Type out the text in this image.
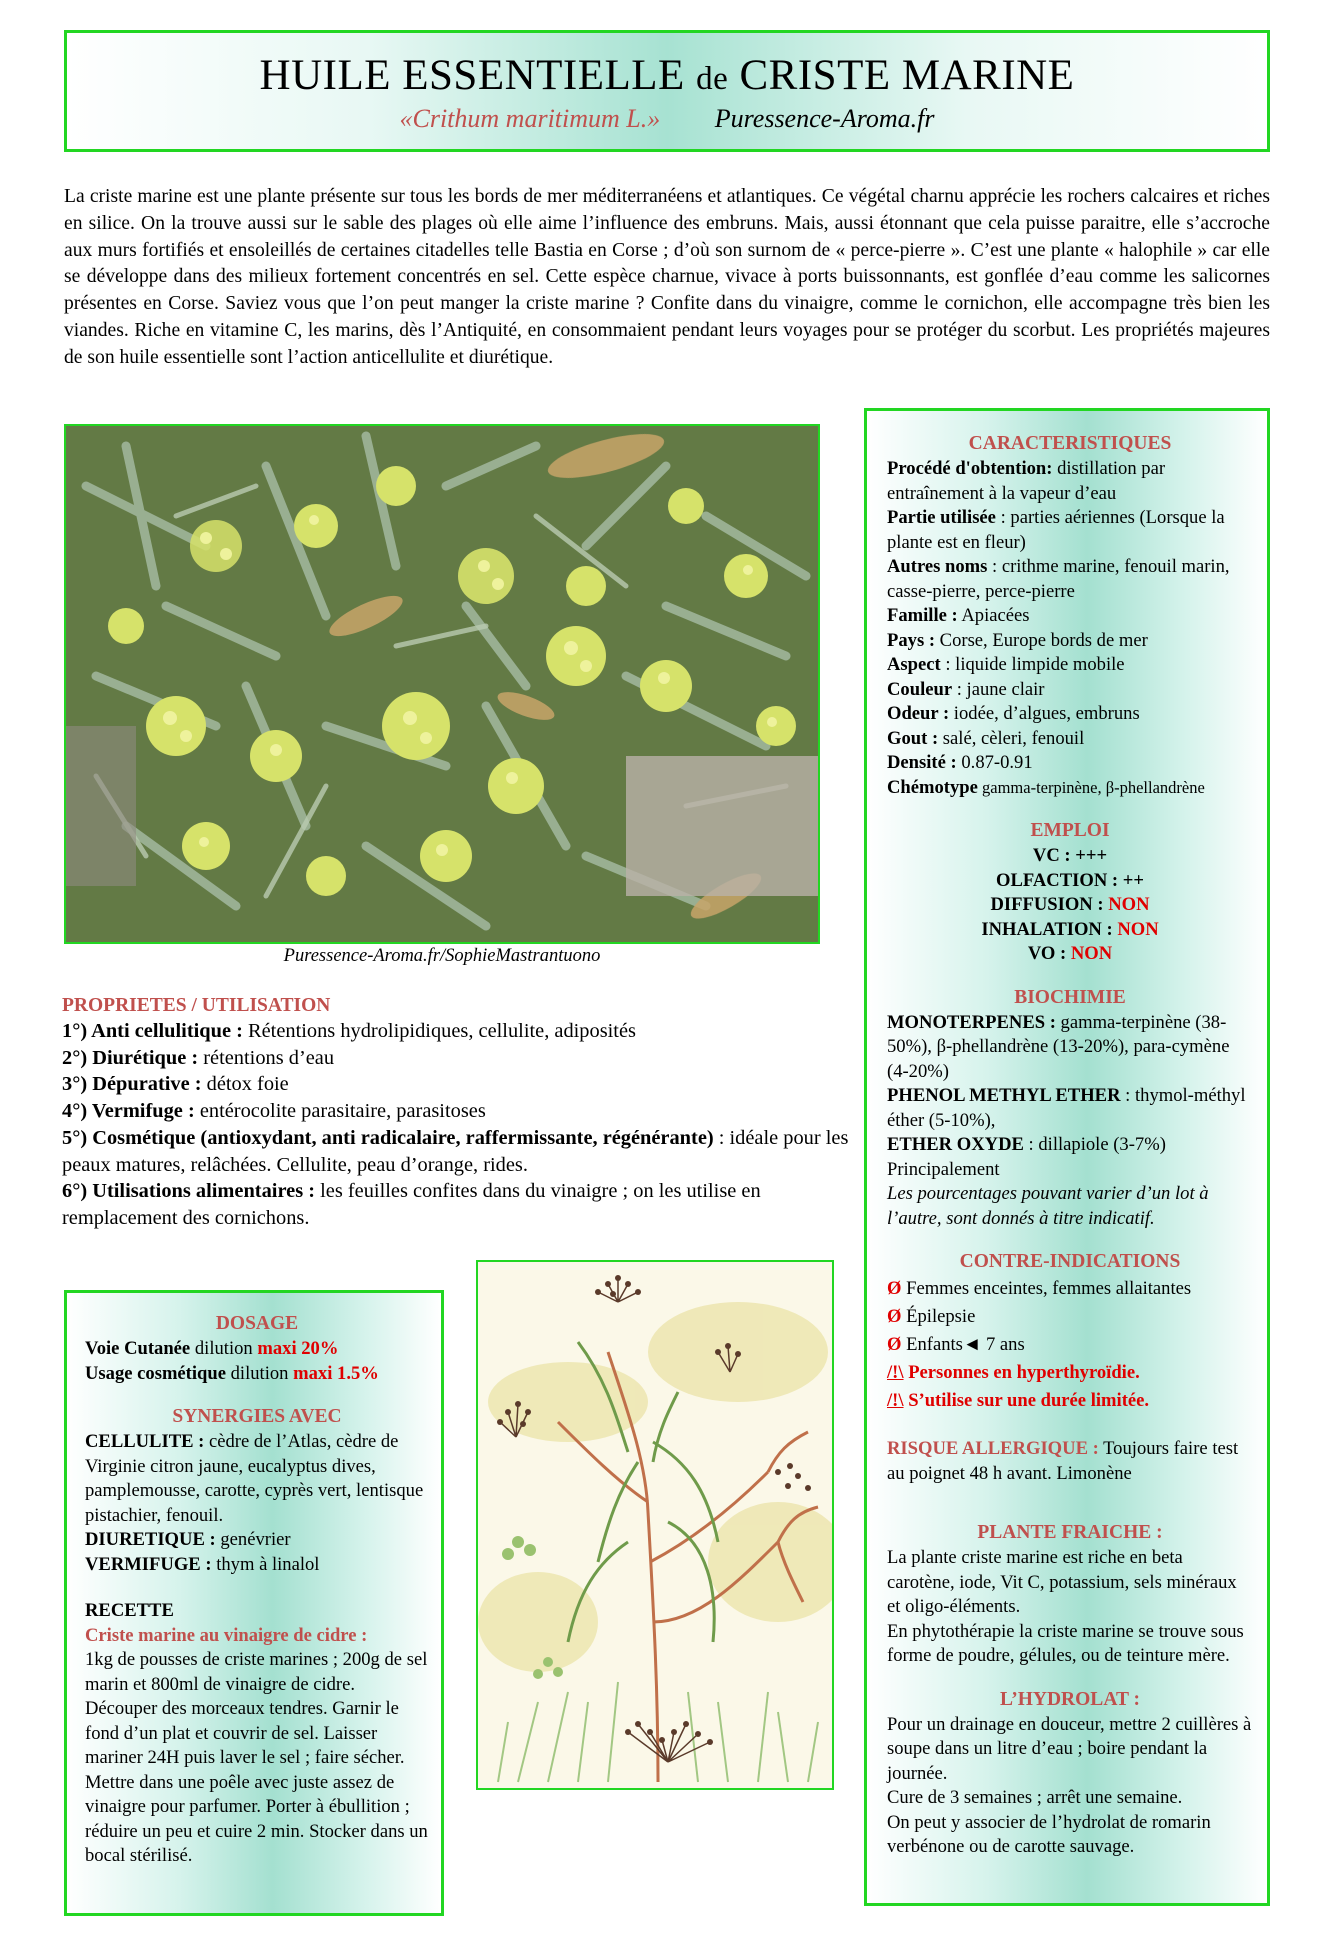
HUILE ESSENTIELLE de CRISTE MARINE
«Crithum maritimum L.» Puressence-Aroma.fr
La criste marine est une plante présente sur tous les bords de mer méditerranéens et atlantiques. Ce végétal charnu apprécie les rochers calcaires et riches en silice. On la trouve aussi sur le sable des plages où elle aime l’influence des embruns. Mais, aussi étonnant que cela puisse paraitre, elle s’accroche aux murs fortifiés et ensoleillés de certaines citadelles telle Bastia en Corse ; d’où son surnom de « perce-pierre ». C’est une plante « halophile » car elle se développe dans des milieux fortement concentrés en sel. Cette espèce charnue, vivace à ports buissonnants, est gonflée d’eau comme les salicornes présentes en Corse. Saviez vous que l’on peut manger la criste marine ? Confite dans du vinaigre, comme le cornichon, elle accompagne très bien les viandes. Riche en vitamine C, les marins, dès l’Antiquité, en consommaient pendant leurs voyages pour se protéger du scorbut. Les propriétés majeures de son huile essentielle sont l’action anticellulite et diurétique.
Puressence-Aroma.fr/SophieMastrantuono
PROPRIETES / UTILISATION
1°) Anti cellulitique : Rétentions hydrolipidiques, cellulite, adiposités
2°) Diurétique : rétentions d’eau
3°) Dépurative : détox foie
4°) Vermifuge : entérocolite parasitaire, parasitoses
5°) Cosmétique (antioxydant, anti radicalaire, raffermissante, régénérante) : idéale pour les peaux matures, relâchées. Cellulite, peau d’orange, rides.
6°) Utilisations alimentaires : les feuilles confites dans du vinaigre ; on les utilise en remplacement des cornichons.
CARACTERISTIQUES
Procédé d'obtention: distillation par entraînement à la vapeur d’eau
Partie utilisée : parties aériennes (Lorsque la plante est en fleur)
Autres noms : crithme marine, fenouil marin, casse-pierre, perce-pierre
Famille : Apiacées
Pays : Corse, Europe bords de mer
Aspect : liquide limpide mobile
Couleur : jaune clair
Odeur : iodée, d’algues, embruns
Gout : salé, cèleri, fenouil
Densité : 0.87-0.91
Chémotype gamma-terpinène, β-phellandrène
EMPLOI
VC : +++
OLFACTION : ++
DIFFUSION : NON
INHALATION : NON
VO : NON
BIOCHIMIE
MONOTERPENES : gamma-terpinène (38-50%), β-phellandrène (13-20%), para-cymène (4-20%)
PHENOL METHYL ETHER : thymol-méthyl éther (5-10%),
ETHER OXYDE : dillapiole (3-7%) Principalement
Les pourcentages pouvant varier d’un lot à l’autre, sont donnés à titre indicatif.
CONTRE-INDICATIONS
Ø Femmes enceintes, femmes allaitantes
Ø Épilepsie
Ø Enfants◄ 7 ans
/!\ Personnes en hyperthyroïdie.
/!\ S’utilise sur une durée limitée.
RISQUE ALLERGIQUE : Toujours faire test au poignet 48 h avant. Limonène
PLANTE FRAICHE :
La plante criste marine est riche en beta carotène, iode, Vit C, potassium, sels minéraux et oligo-éléments.
En phytothérapie la criste marine se trouve sous forme de poudre, gélules, ou de teinture mère.
L’HYDROLAT :
Pour un drainage en douceur, mettre 2 cuillères à soupe dans un litre d’eau ; boire pendant la journée.
Cure de 3 semaines ; arrêt une semaine.
On peut y associer de l’hydrolat de romarin verbénone ou de carotte sauvage.
DOSAGE
Voie Cutanée dilution maxi 20%
Usage cosmétique dilution maxi 1.5%
SYNERGIES AVEC
CELLULITE : cèdre de l’Atlas, cèdre de Virginie citron jaune, eucalyptus dives, pamplemousse, carotte, cyprès vert, lentisque pistachier, fenouil.
DIURETIQUE : genévrier
VERMIFUGE : thym à linalol
RECETTE
Criste marine au vinaigre de cidre :
1kg de pousses de criste marines ; 200g de sel marin et 800ml de vinaigre de cidre. Découper des morceaux tendres. Garnir le fond d’un plat et couvrir de sel. Laisser mariner 24H puis laver le sel ; faire sécher. Mettre dans une poêle avec juste assez de vinaigre pour parfumer. Porter à ébullition ; réduire un peu et cuire 2 min. Stocker dans un bocal stérilisé.
